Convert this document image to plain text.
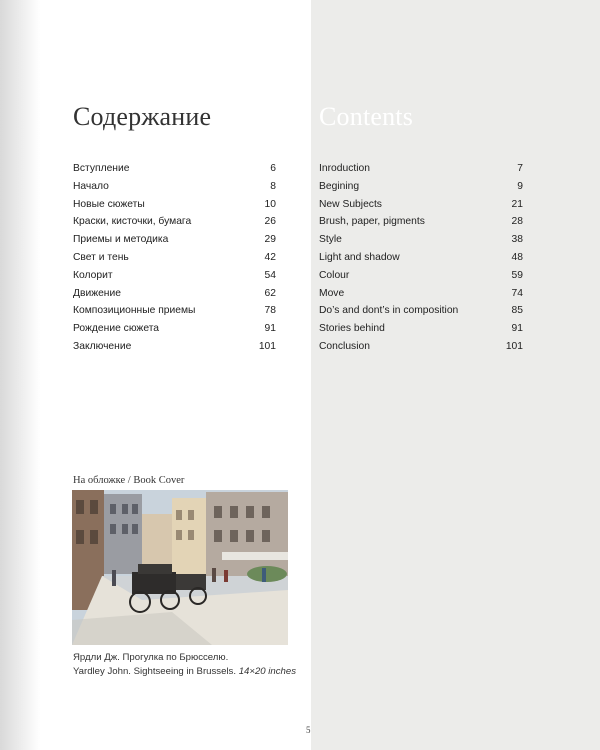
Содержание	Contents
Вступление	6
Начало	8
Новые сюжеты	10
Краски, кисточки, бумага	26
Приемы и методика	29
Свет и тень	42
Колорит	54
Движение	62
Композиционные приемы	78
Рождение сюжета	91
Заключение	101
Inroduction	7
Begining	9
New Subjects	21
Brush, paper, pigments	28
Style	38
Light and shadow	48
Colour	59
Move	74
Do’s and dont’s in composition	85
Stories behind	91
Conclusion	101
На обложке / Book Cover
Ярдли Дж. Прогулка по Брюсселю.
Yardley John. Sightseeing in Brussels. 14×20 inches
5
